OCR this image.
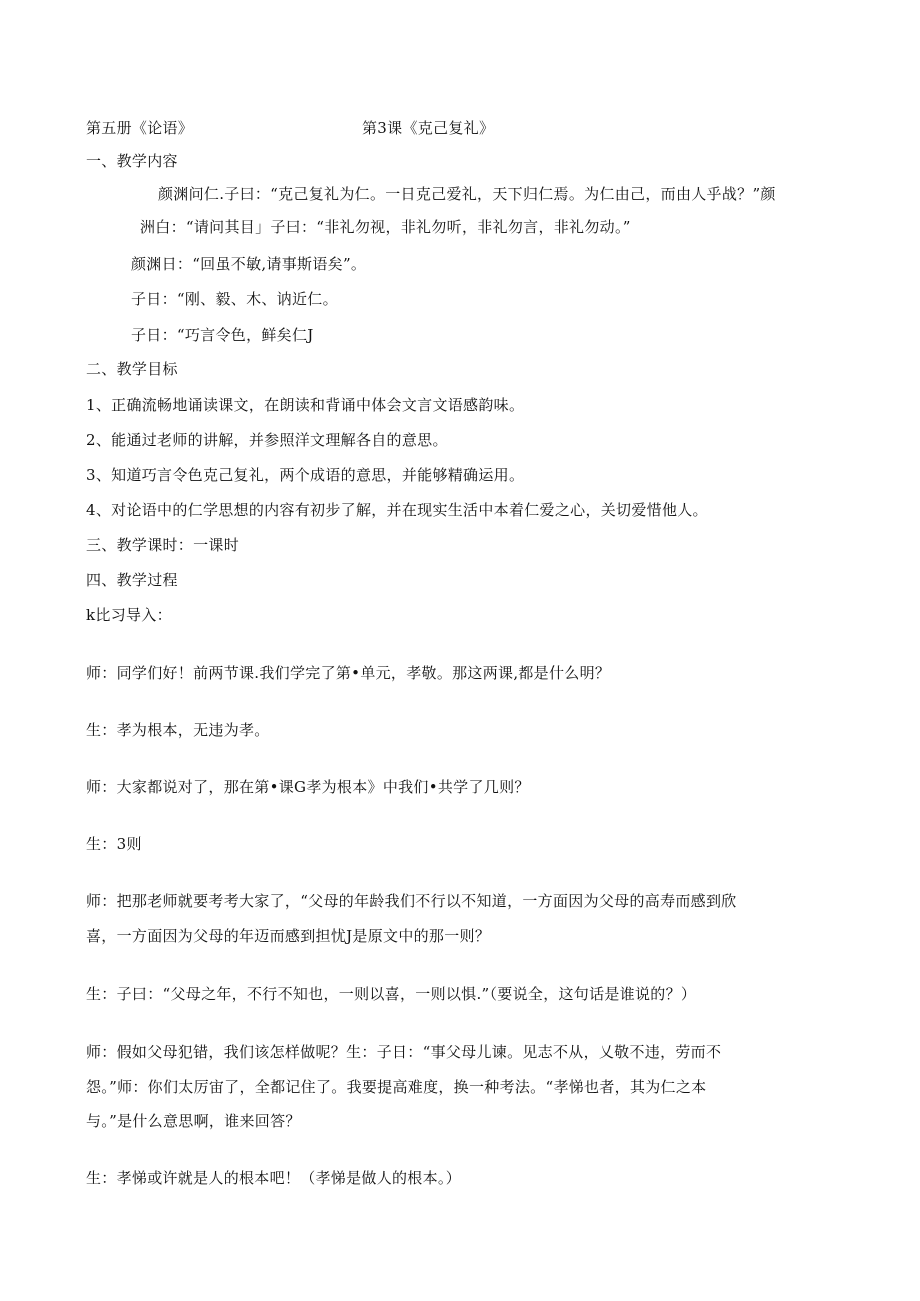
第五册《论语》	第3课《克己复礼》
一、教学内容
颜渊问仁.子曰：“克己复礼为仁。一日克己爱礼，天下归仁焉。为仁由己，而由人乎战？”颜
洲白：“请问其目」子曰：“非礼勿视，非礼勿听，非礼勿言，非礼勿动。”
颜渊日：“回虽不敏,请事斯语矣”。
子日：“刚、毅、木、讷近仁。
子日：“巧言令色，鲜矣仁J
二、教学目标
1、正确流畅地诵读课文，在朗读和背诵中体会文言文语感韵味。
2、能通过老师的讲解，并参照洋文理解各自的意思。
3、知道巧言令色克己复礼，两个成语的意思，并能够精确运用。
4、对论语中的仁学思想的内容有初步了解，并在现实生活中本着仁爱之心，关切爱惜他人。
三、教学课时：一课时
四、教学过程
k比习导入：
师：同学们好！前两节课.我们学完了第•单元，孝敬。那这两课,都是什么明？
生：孝为根本，无违为孝。
师：大家都说对了，那在第•课G孝为根本》中我们•共学了几则？
生：3则
师：把那老师就要考考大家了，“父母的年龄我们不行以不知道，一方面因为父母的高寿而感到欣
喜，一方面因为父母的年迈而感到担忧J是原文中的那一则？
生：子曰：“父母之年，不行不知也，一则以喜，一则以惧.”（要说全，这句话是谁说的？）
师：假如父母犯错，我们该怎样做呢？生：子日：“事父母儿谏。见志不从，乂敬不违，劳而不
怨。”师：你们太厉宙了，全都记住了。我要提高难度，换一种考法。“孝悌也者，其为仁之本
与。”是什么意思啊，谁来回答？
生：孝悌或许就是人的根本吧！（孝悌是做人的根本。）
